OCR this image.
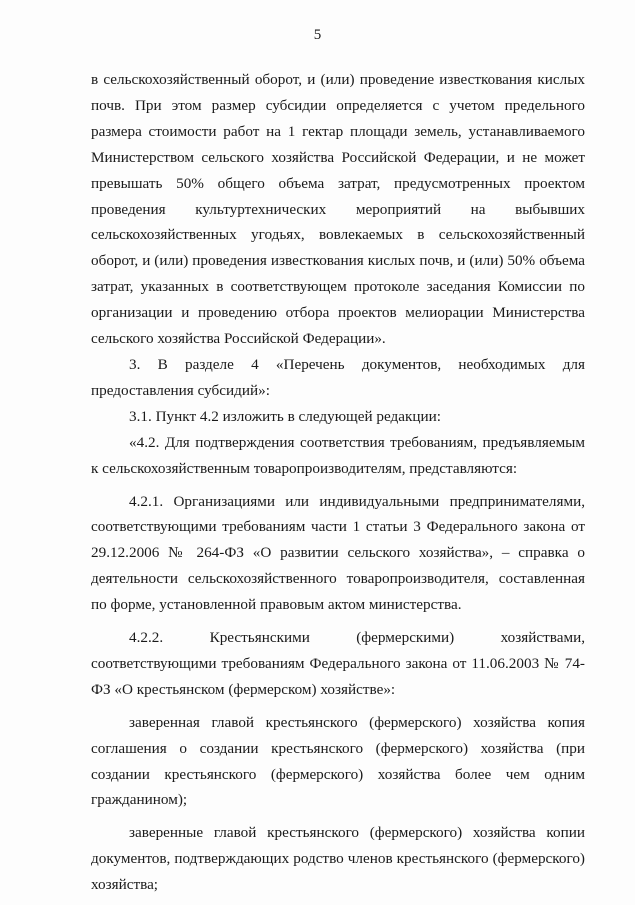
5

в сельскохозяйственный оборот, и (или) проведение известкования кислых почв. При этом размер субсидии определяется с учетом предельного размера стоимости работ на 1 гектар площади земель, устанавливаемого Министерством сельского хозяйства Российской Федерации, и не может превышать 50% общего объема затрат, предусмотренных проектом проведения культуртехнических мероприятий на выбывших сельскохозяйственных угодьях, вовлекаемых в сельскохозяйственный оборот, и (или) проведения известкования кислых почв, и (или) 50% объема затрат, указанных в соответствующем протоколе заседания Комиссии по организации и проведению отбора проектов мелиорации Министерства сельского хозяйства Российской Федерации».

3. В разделе 4 «Перечень документов, необходимых для предоставления субсидий»:

3.1. Пункт 4.2 изложить в следующей редакции:

«4.2. Для подтверждения соответствия требованиям, предъявляемым к сельскохозяйственным товаропроизводителям, представляются:

4.2.1. Организациями или индивидуальными предпринимателями, соответствующими требованиям части 1 статьи 3 Федерального закона от 29.12.2006 № 264-ФЗ «О развитии сельского хозяйства», – справка о деятельности сельскохозяйственного товаропроизводителя, составленная по форме, установленной правовым актом министерства.

4.2.2. Крестьянскими (фермерскими) хозяйствами, соответствующими требованиям Федерального закона от 11.06.2003 № 74-ФЗ «О крестьянском (фермерском) хозяйстве»:

заверенная главой крестьянского (фермерского) хозяйства копия соглашения о создании крестьянского (фермерского) хозяйства (при создании крестьянского (фермерского) хозяйства более чем одним гражданином);

заверенные главой крестьянского (фермерского) хозяйства копии документов, подтверждающих родство членов крестьянского (фермерского) хозяйства;
